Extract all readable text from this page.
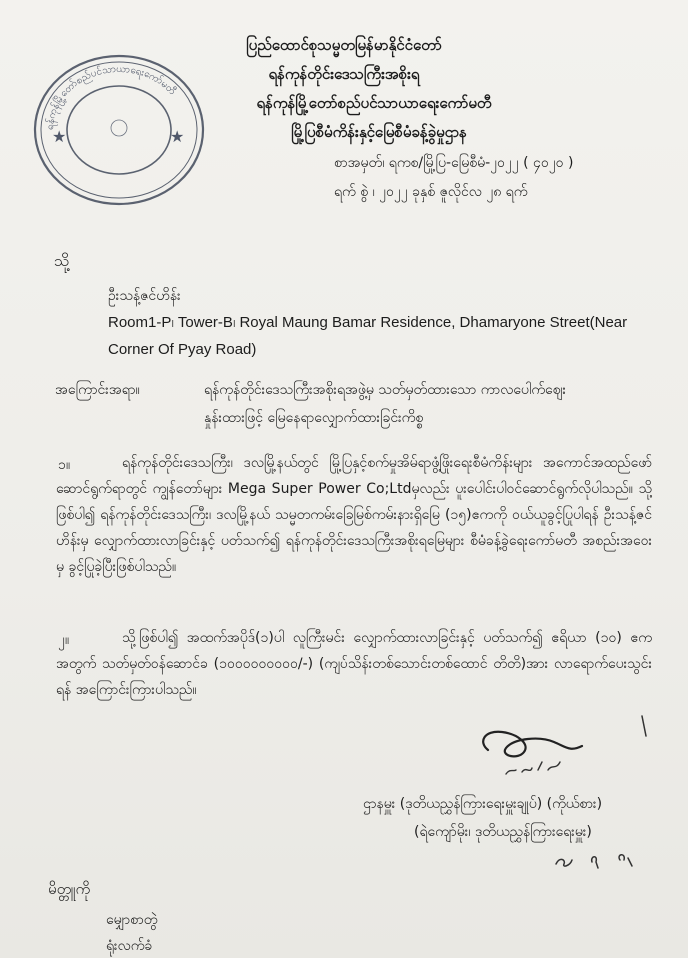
ရန်ကုန်မြို့တော်စည်ပင်သာယာရေးကော်မတီ
★	★
ပြည်ထောင်စုသမ္မတမြန်မာနိုင်ငံတော်
ရန်ကုန်တိုင်းဒေသကြီးအစိုးရ
ရန်ကုန်မြို့တော်စည်ပင်သာယာရေးကော်မတီ
မြို့ပြစီမံကိန်းနှင့်မြေစီမံခန့်ခွဲမှုဌာန
စာအမှတ်၊ ရကစ/မြို့ပြ-မြေစီမံ-၂၀၂၂ ( ၄၀၂၀ )
ရက် စွဲ ၊ ၂၀၂၂ ခုနှစ် ဇူလိုင်လ ၂၈ ရက်
သို့
ဦးသန့်ဇင်ဟိန်း
Room1-P၊ Tower-B၊ Royal Maung Bamar Residence, Dhamaryone Street(Near
Corner Of Pyay Road)
အကြောင်းအရာ။	ရန်ကုန်တိုင်းဒေသကြီးအစိုးရအဖွဲ့မှ သတ်မှတ်ထားသော ကာလပေါက်ဈေး
နှုန်းထားဖြင့် မြေနေရာလျှောက်ထားခြင်းကိစ္စ
၁။	ရန်ကုန်တိုင်းဒေသကြီး၊ ဒလမြို့နယ်တွင် မြို့ပြနှင့်စက်မှုအိမ်ရာဖွံ့ဖြိုးရေးစီမံကိန်းများ အကောင်အထည်ဖော် ဆောင်ရွက်ရာတွင် ကျွန်တော်များ Mega Super Power Co;Ltdမှလည်း ပူးပေါင်းပါဝင်ဆောင်ရွက်လိုပါသည်။ သို့ဖြစ်ပါ၍ ရန်ကုန်တိုင်းဒေသကြီး၊ ဒလမြို့နယ် သမ္မတကမ်းခြေမြစ်ကမ်းနားရှိမြေ (၁၅)ဧကကို ဝယ်ယူခွင့်ပြုပါရန် ဦးသန့်ဇင်ဟိန်းမှ လျှောက်ထားလာခြင်းနှင့် ပတ်သက်၍ ရန်ကုန်တိုင်းဒေသကြီးအစိုးရမြေများ စီမံခန့်ခွဲရေးကော်မတီ အစည်းအဝေးမှ ခွင့်ပြုခဲ့ပြီးဖြစ်ပါသည်။
၂။	သို့ဖြစ်ပါ၍ အထက်အပိုဒ်(၁)ပါ လူကြီးမင်း လျှောက်ထားလာခြင်းနှင့် ပတ်သက်၍ ဧရိယာ (၁၀) ဧကအတွက် သတ်မှတ်ဝန်ဆောင်ခ (၁၀၀၀၀၀၀၀၀၀/-) (ကျပ်သိန်းတစ်သောင်းတစ်ထောင် တိတိ)အား လာရောက်ပေးသွင်းရန် အကြောင်းကြားပါသည်။
ဌာနမှူး (ဒုတိယညွှန်ကြားရေးမှူးချုပ်) (ကိုယ်စား)
(ရဲကျော်မိုး၊ ဒုတိယညွှန်ကြားရေးမှူး)
မိတ္တူကို
မျှောစာတွဲ
ရုံးလက်ခံ
